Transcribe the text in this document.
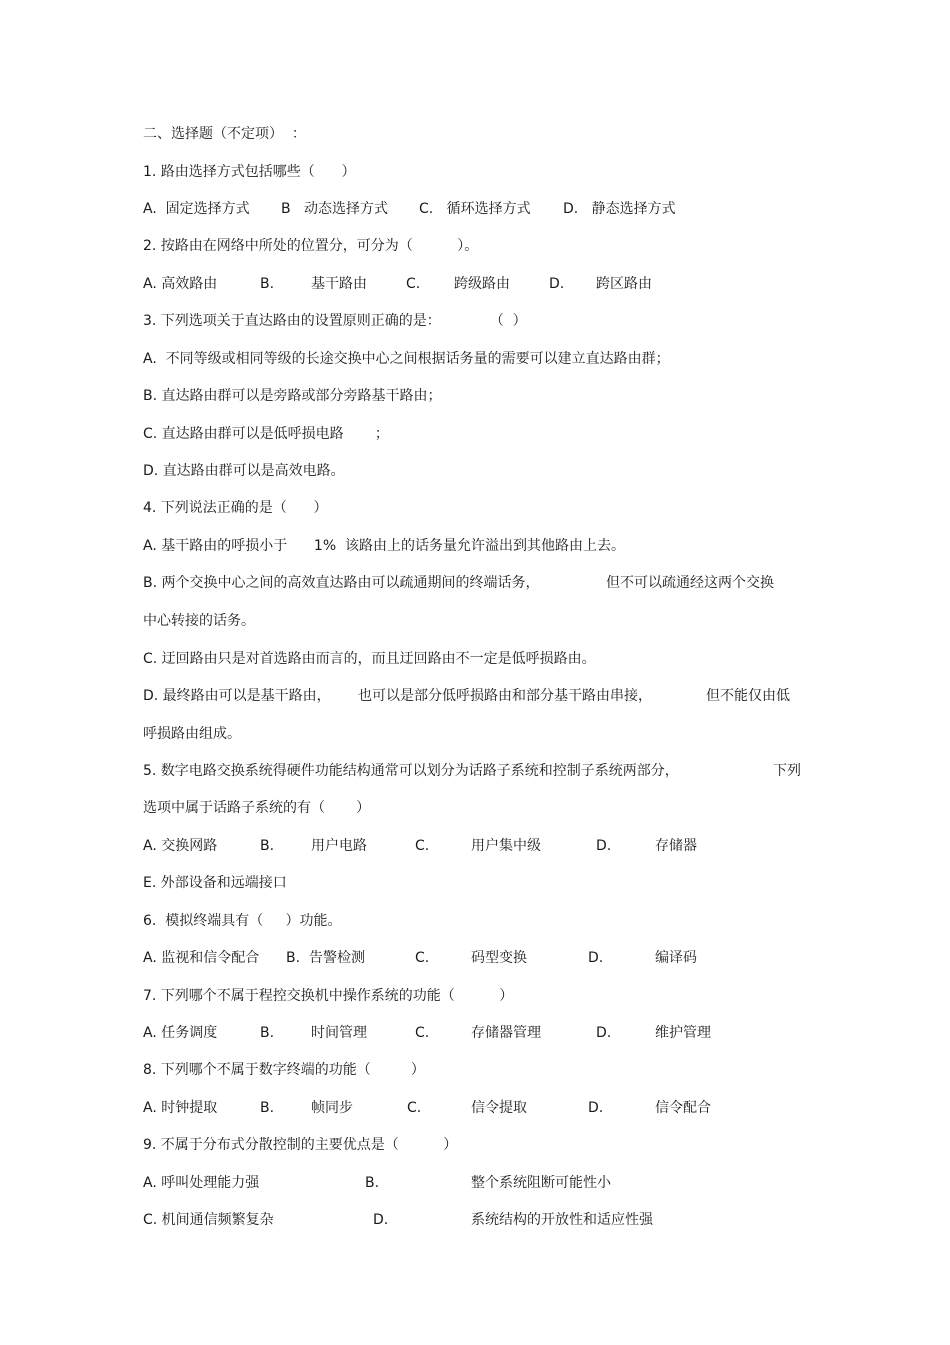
二、选择题（不定项）  ：
1. 路由选择方式包括哪些（      ）

A.  固定选择方式

B   动态选择方式

C.   循环选择方式

D.   静态选择方式

2. 按路由在网络中所处的位置分，可分为（          ）。

A. 高效路由

	B.

	基干路由

	C.

跨级路由

	D.

跨区路由

3. 下列选项关于直达路由的设置原则正确的是：           （  ）
A.  不同等级或相同等级的长途交换中心之间根据话务量的需要可以建立直达路由群；
B. 直达路由群可以是旁路或部分旁路基干路由；
C. 直达路由群可以是低呼损电路       ；
D. 直达路由群可以是高效电路。
4. 下列说法正确的是（      ）
A. 基干路由的呼损小于      1%  该路由上的话务量允许溢出到其他路由上去。

B. 两个交换中心之间的高效直达路由可以疏通期间的终端话务，

	但不可以疏通经这两个交换

中心转接的话务。
C. 迂回路由只是对首选路由而言的，而且迂回路由不一定是低呼损路由。

D. 最终路由可以是基干路由，

也可以是部分低呼损路由和部分基干路由串接，

	但不能仅由低

呼损路由组成。

5. 数字电路交换系统得硬件功能结构通常可以划分为话路子系统和控制子系统两部分，

	下列

选项中属于话路子系统的有（       ）

A. 交换网路

	B.

	用户电路

	C.

	用户集中级

	D.

	存储器

E. 外部设备和远端接口
6.  模拟终端具有（     ）功能。

A. 监视和信令配合

B.  告警检测

	C.

	码型变换

	D.

	编译码

7. 下列哪个不属于程控交换机中操作系统的功能（          ）

A. 任务调度

	B.

	时间管理

	C.

	存储器管理

	D.

	维护管理

8. 下列哪个不属于数字终端的功能（         ）

A. 时钟提取

	B.

	帧同步

	C.

	信令提取

	D.

	信令配合

9. 不属于分布式分散控制的主要优点是（          ）

A. 呼叫处理能力强

	B.

	整个系统阻断可能性小

C. 机间通信频繁复杂

	D.

	系统结构的开放性和适应性强
